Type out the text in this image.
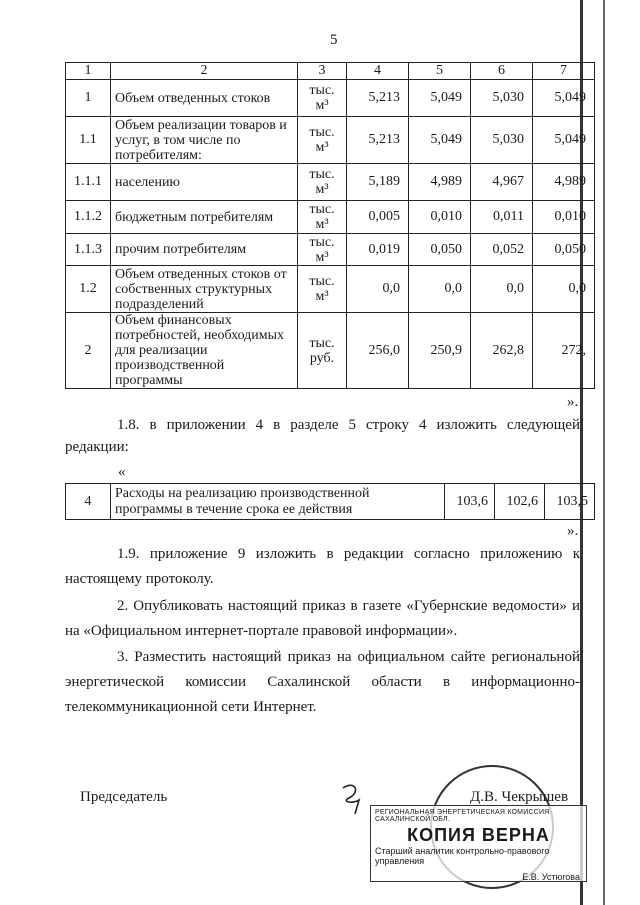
5
1	2	3	4	5	6	7
1	Объем отведенных стоков	тыс. м³	5,213	5,049	5,030	5,049
1.1	Объем реализации товаров и услуг, в том числе по потребителям:	тыс. м³	5,213	5,049	5,030	5,049
1.1.1	населению	тыс. м³	5,189	4,989	4,967	4,989
1.1.2	бюджетным потребителям	тыс. м³	0,005	0,010	0,011	0,010
1.1.3	прочим потребителям	тыс. м³	0,019	0,050	0,052	0,050
1.2	Объем отведенных стоков от собственных структурных подразделений	тыс. м³	0,0	0,0	0,0	0,0
2	Объем финансовых потребностей, необходимых для реализации производственной программы	тыс. руб.	256,0	250,9	262,8	272,
».
1.8. в приложении 4 в разделе 5 строку 4 изложить следующей редакции:
«
4	Расходы на реализацию производственной программы в течение срока ее действия	103,6	102,6	103,5
».
1.9. приложение 9 изложить в редакции согласно приложению к настоящему протоколу.
2. Опубликовать настоящий приказ в газете «Губернские ведомости» и на «Официальном интернет-портале правовой информации».
3. Разместить настоящий приказ на официальном сайте региональной энергетической комиссии Сахалинской области в информационно-телекоммуникационной сети Интернет.
Председатель	Д.В. Чекрышев
РЕГИОНАЛЬНАЯ ЭНЕРГЕТИЧЕСКАЯ КОМИССИЯ САХАЛИНСКОЙ ОБЛ.
КОПИЯ ВЕРНА
Старший аналитик контрольно-правового управления
Е.В. Устюгова
